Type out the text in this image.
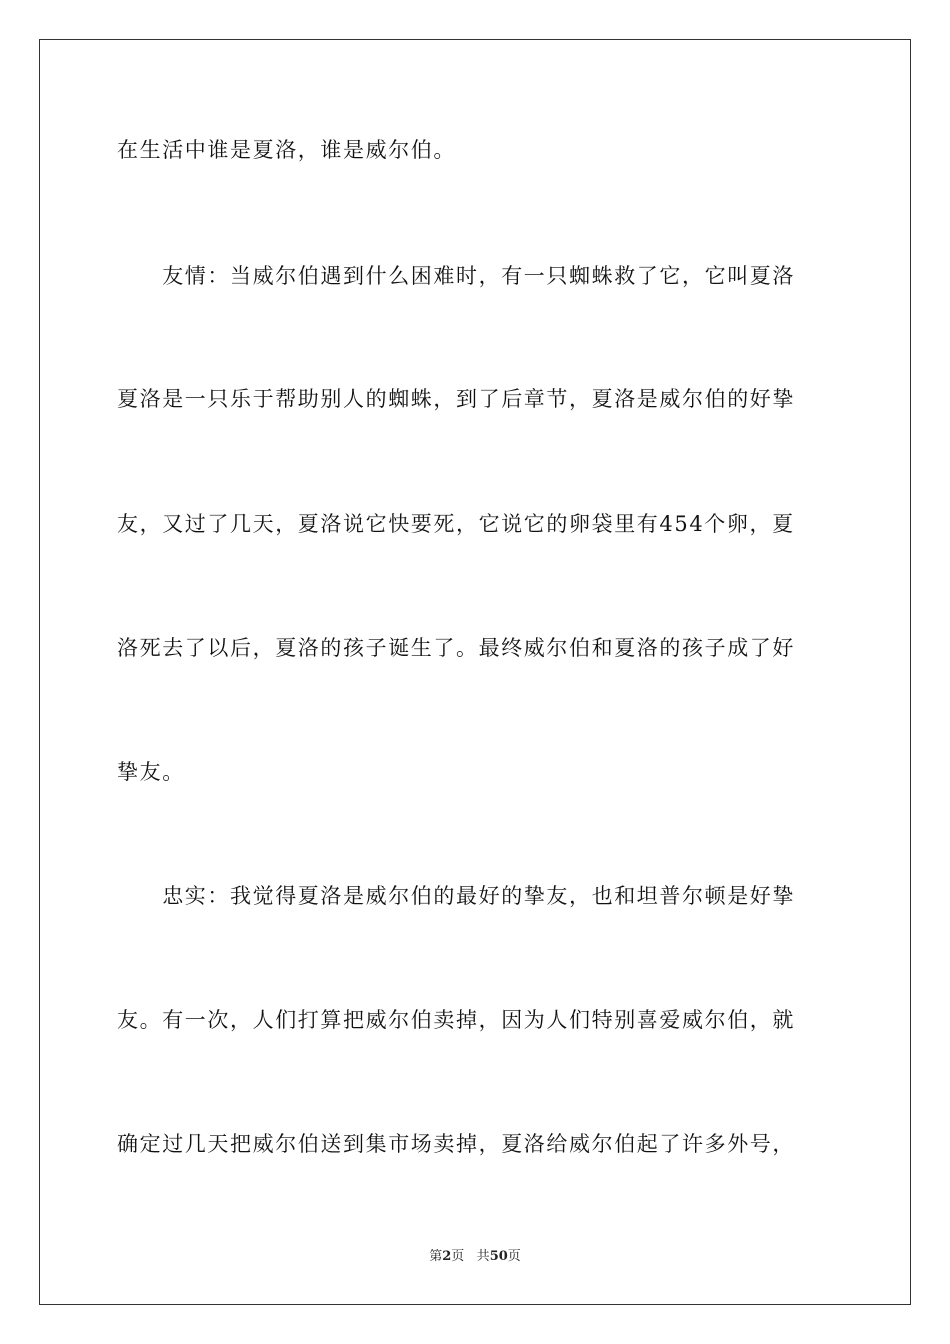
在生活中谁是夏洛，谁是威尔伯。
　　友情：当威尔伯遇到什么困难时，有一只蜘蛛救了它，它叫夏洛
夏洛是一只乐于帮助别人的蜘蛛，到了后章节，夏洛是威尔伯的好挚
友，又过了几天，夏洛说它快要死，它说它的卵袋里有454个卵，夏
洛死去了以后，夏洛的孩子诞生了。最终威尔伯和夏洛的孩子成了好
挚友。
　　忠实：我觉得夏洛是威尔伯的最好的挚友，也和坦普尔顿是好挚
友。有一次，人们打算把威尔伯卖掉，因为人们特别喜爱威尔伯，就
确定过几天把威尔伯送到集市场卖掉，夏洛给威尔伯起了许多外号，
第2页 共50页
